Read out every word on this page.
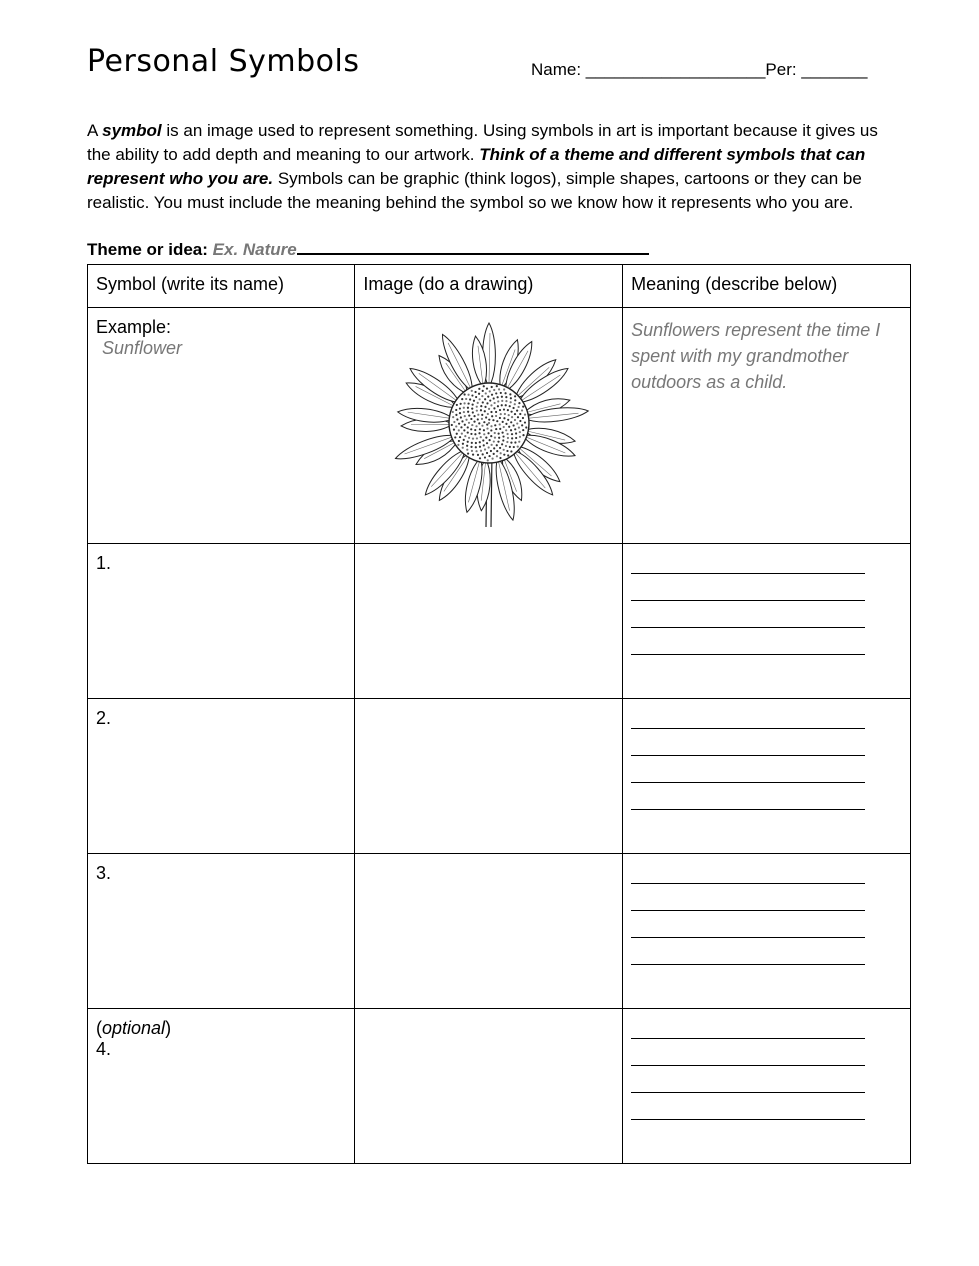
Personal Symbols	Name: ___________________Per: _______
A symbol is an image used to represent something. Using symbols in art is important because it gives us the ability to add depth and meaning to our artwork. Think of a theme and different symbols that can represent who you are. Symbols can be graphic (think logos), simple shapes, cartoons or they can be realistic. You must include the meaning behind the symbol so we know how it represents who you are.
Theme or idea: Ex. Nature
Symbol (write its name)	Image (do a drawing)	Meaning (describe below)

Example:
Sunflower		Sunflowers represent the time I spent with my grandmother outdoors as a child.

1.		

2.		

3.		

(optional)
4.		
